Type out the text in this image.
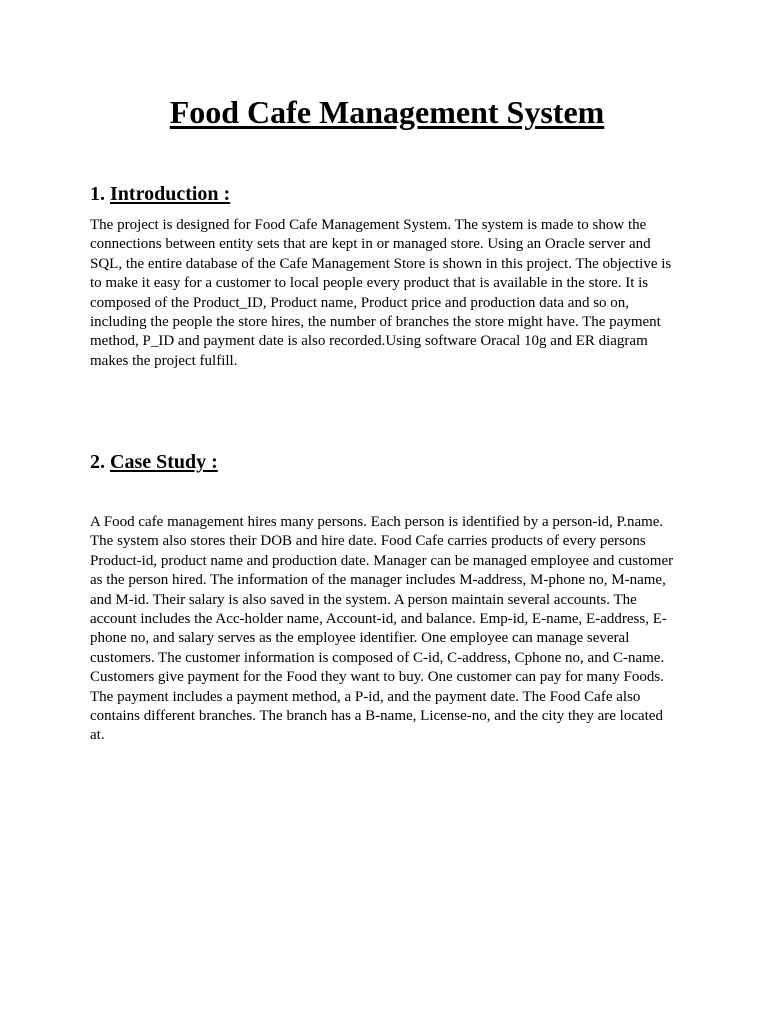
Food Cafe Management System
1. Introduction :

The project is designed for Food Cafe Management System. The system is made to show the connections between entity sets that are kept in or managed store. Using an Oracle server and SQL, the entire database of the Cafe Management Store is shown in this project. The objective is to make it easy for a customer to local people every product that is available in the store. It is composed of the Product_ID, Product name, Product price and production data and so on, including the people the store hires, the number of branches the store might have. The payment method, P_ID and payment date is also recorded.Using software Oracal 10g and ER diagram makes the project fulfill.

2. Case Study :

A Food cafe management hires many persons. Each person is identified by a person-id, P.name. The system also stores their DOB and hire date. Food Cafe carries products of every persons Product-id, product name and production date. Manager can be managed employee and customer as the person hired. The information of the manager includes M-address, M-phone no, M-name, and M-id. Their salary is also saved in the system. A person maintain several accounts. The account includes the Acc-holder name, Account-id, and balance. Emp-id, E-name, E-address, E-phone no, and salary serves as the employee identifier. One employee can manage several customers. The customer information is composed of C-id, C-address, Cphone no, and C-name. Customers give payment for the Food they want to buy. One customer can pay for many Foods. The payment includes a payment method, a P-id, and the payment date. The Food Cafe also contains different branches. The branch has a B-name, License-no, and the city they are located at.
